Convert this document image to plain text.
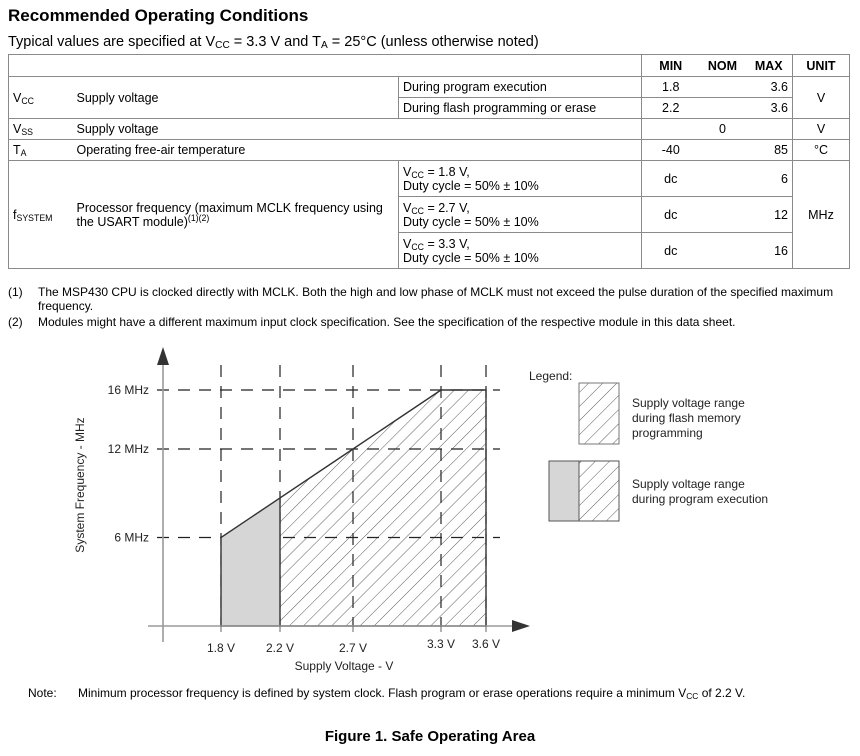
Recommended Operating Conditions
Typical values are specified at $V_{CC} = 3.3$ V and $T_A = 25^\circ C$ (unless otherwise noted)
			MIN	NOM	MAX	UNIT
$V_{CC}$	Supply voltage	During program execution	1.8		3.6	V
		During flash programming or erase	2.2		3.6	
$V_{SS}$	Supply voltage			0		V
$T_A$	Operating free-air temperature		-40		85	°C
$f_{SYSTEM}$	Processor frequency (maximum MCLK frequency using the USART module)$^{(1)(2)}$	$V_{CC} = 1.8$ V,
Duty cycle = 50% ± 10%	dc		6	MHz
		$V_{CC} = 2.7$ V,
Duty cycle = 50% ± 10%	dc		12	
		$V_{CC} = 3.3$ V,
Duty cycle = 50% ± 10%	dc		16	
(1) The MSP430 CPU is clocked directly with MCLK. Both the high and low phase of MCLK must not exceed the pulse duration of the specified maximum frequency.
(2) Modules might have a different maximum input clock specification. See the specification of the respective module in this data sheet.
6 MHz
12 MHz
16 MHz
1.8 V	2.2 V	2.7 V	3.3 V 3.6 V
System Frequency - MHz
Supply Voltage - V
Legend:
Supply voltage range
during flash memory
programming
Supply voltage range
during program execution
Note: Minimum processor frequency is defined by system clock. Flash program or erase operations require a minimum $V_{CC}$ of 2.2 V.
Figure 1. Safe Operating Area
